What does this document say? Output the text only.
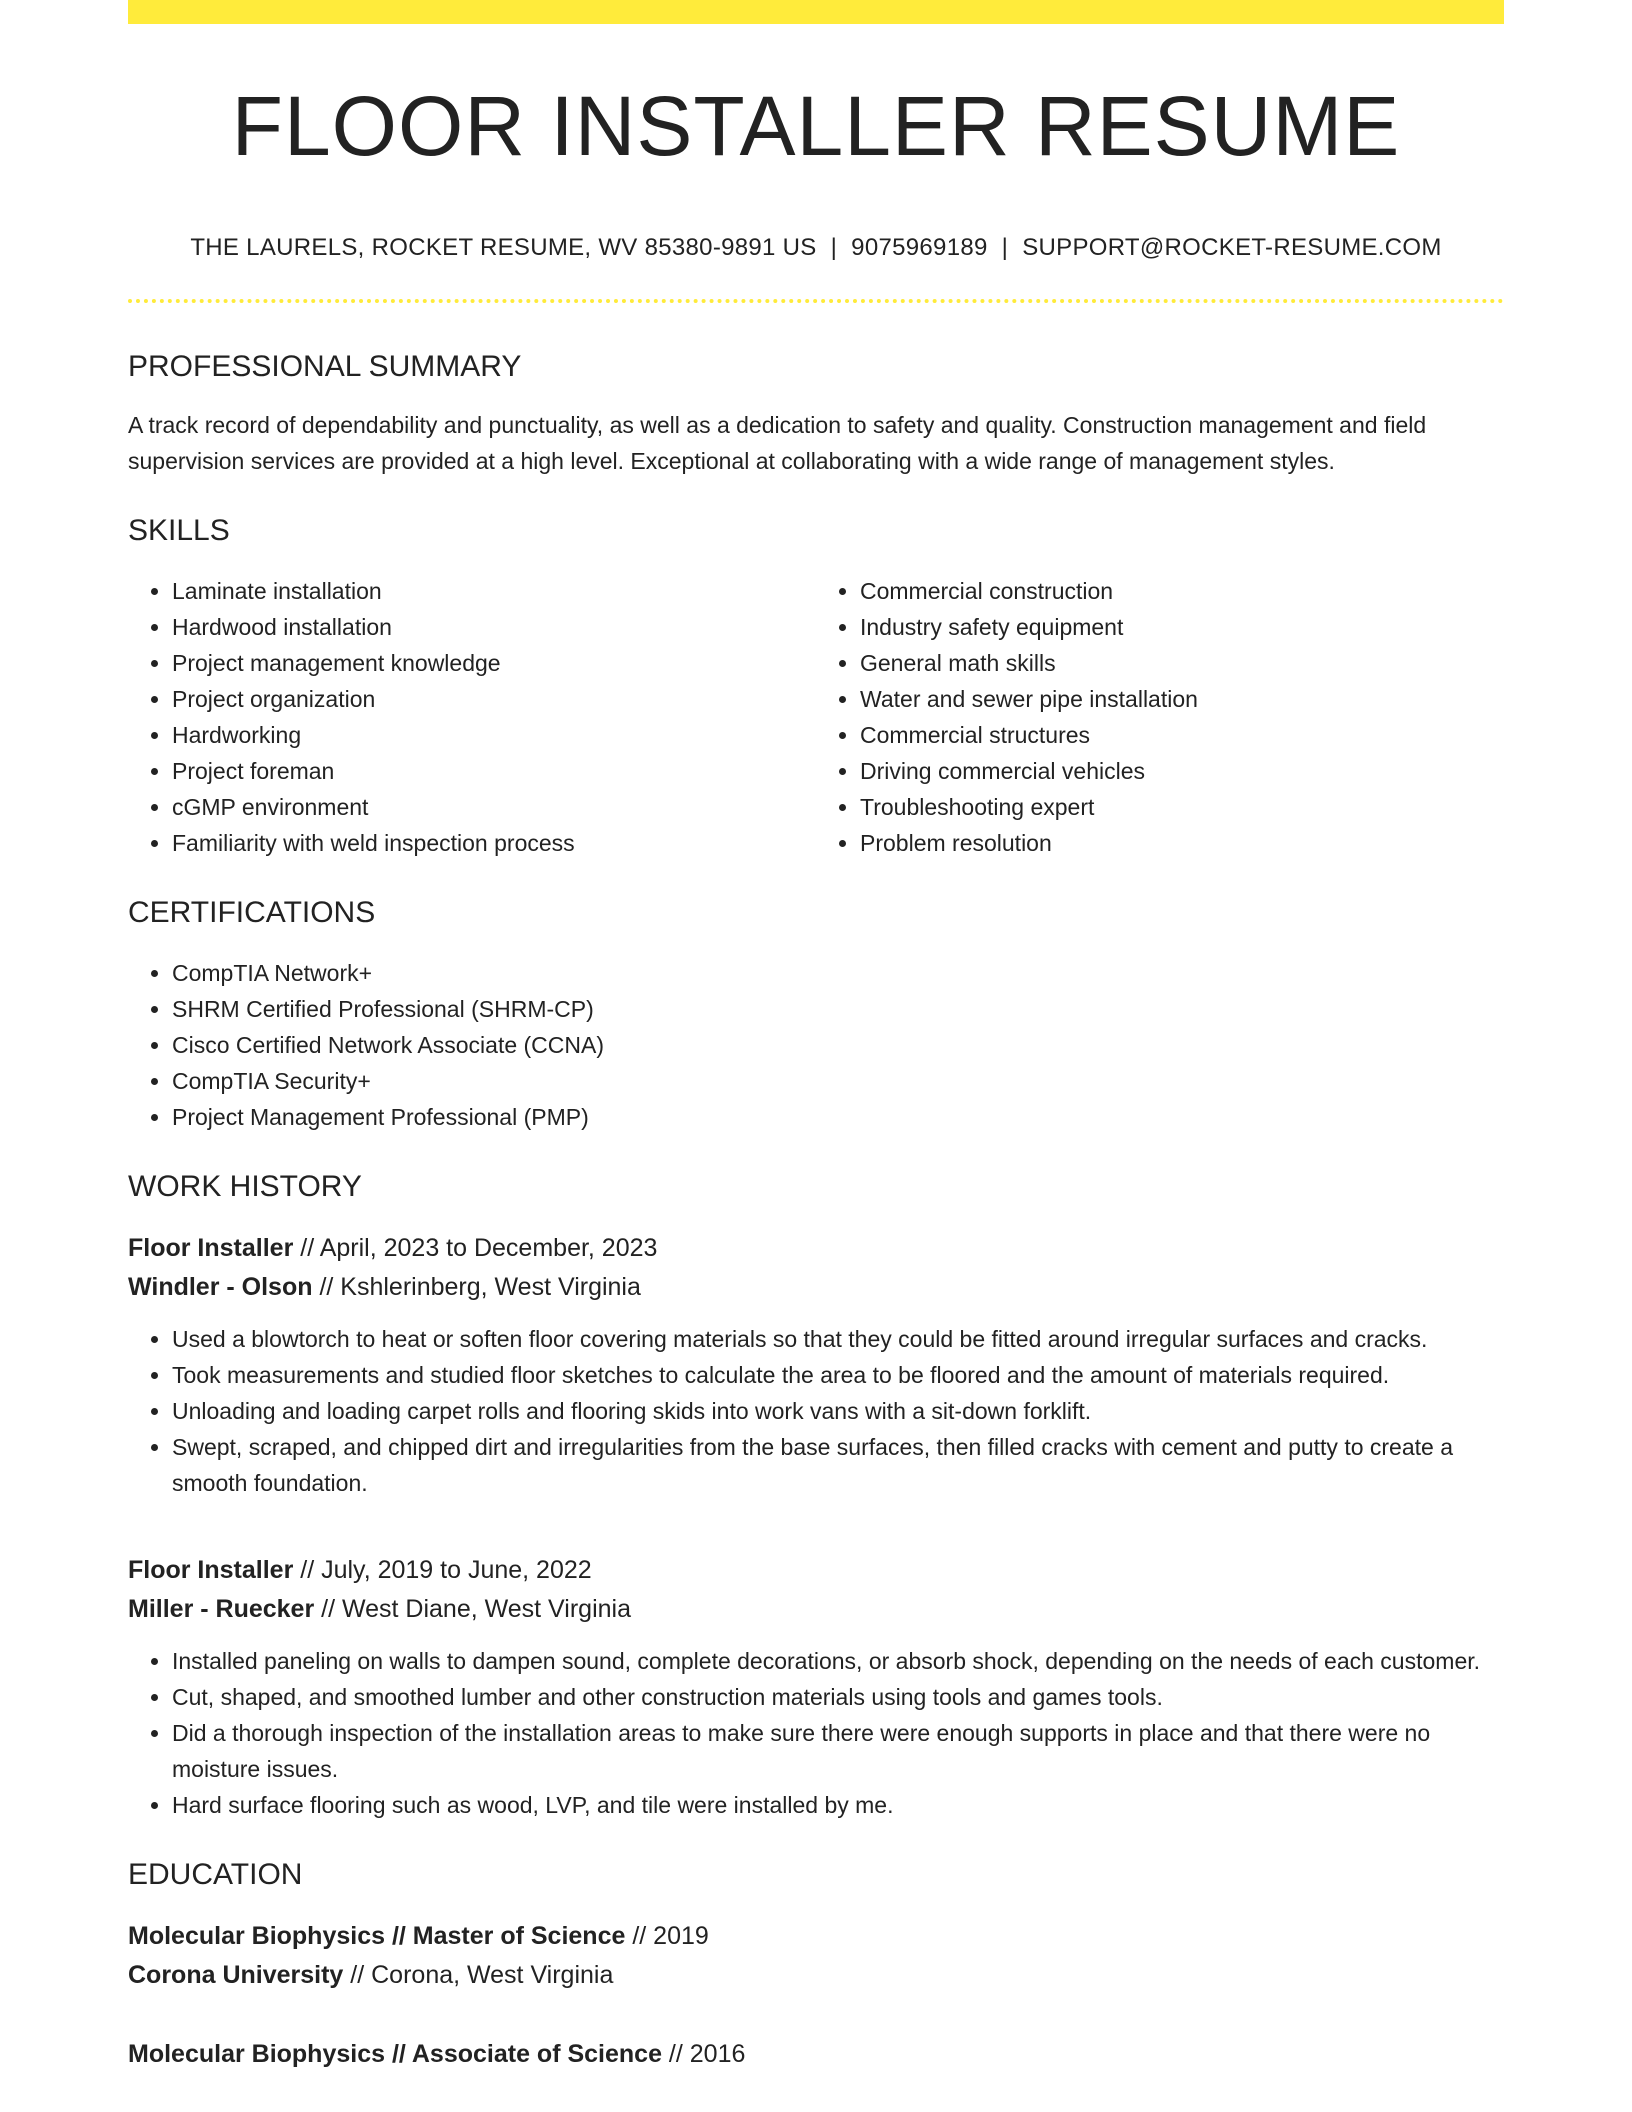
FLOOR INSTALLER RESUME
THE LAURELS, ROCKET RESUME, WV 85380-9891 US | 9075969189 | SUPPORT@ROCKET-RESUME.COM
PROFESSIONAL SUMMARY

A track record of dependability and punctuality, as well as a dedication to safety and quality. Construction management and field supervision services are provided at a high level. Exceptional at collaborating with a wide range of management styles.

SKILLS
• Laminate installation
• Hardwood installation
• Project management knowledge
• Project organization
• Hardworking
• Project foreman
• cGMP environment
• Familiarity with weld inspection process
• Commercial construction
• Industry safety equipment
• General math skills
• Water and sewer pipe installation
• Commercial structures
• Driving commercial vehicles
• Troubleshooting expert
• Problem resolution
CERTIFICATIONS
• CompTIA Network+
• SHRM Certified Professional (SHRM-CP)
• Cisco Certified Network Associate (CCNA)
• CompTIA Security+
• Project Management Professional (PMP)
WORK HISTORY
Floor Installer // April, 2023 to December, 2023
Windler - Olson // Kshlerinberg, West Virginia
• Used a blowtorch to heat or soften floor covering materials so that they could be fitted around irregular surfaces and cracks.
• Took measurements and studied floor sketches to calculate the area to be floored and the amount of materials required.
• Unloading and loading carpet rolls and flooring skids into work vans with a sit-down forklift.
• Swept, scraped, and chipped dirt and irregularities from the base surfaces, then filled cracks with cement and putty to create a smooth foundation.
Floor Installer // July, 2019 to June, 2022
Miller - Ruecker // West Diane, West Virginia
• Installed paneling on walls to dampen sound, complete decorations, or absorb shock, depending on the needs of each customer.
• Cut, shaped, and smoothed lumber and other construction materials using tools and games tools.
• Did a thorough inspection of the installation areas to make sure there were enough supports in place and that there were no moisture issues.
• Hard surface flooring such as wood, LVP, and tile were installed by me.
EDUCATION
Molecular Biophysics // Master of Science // 2019
Corona University // Corona, West Virginia
Molecular Biophysics // Associate of Science // 2016
